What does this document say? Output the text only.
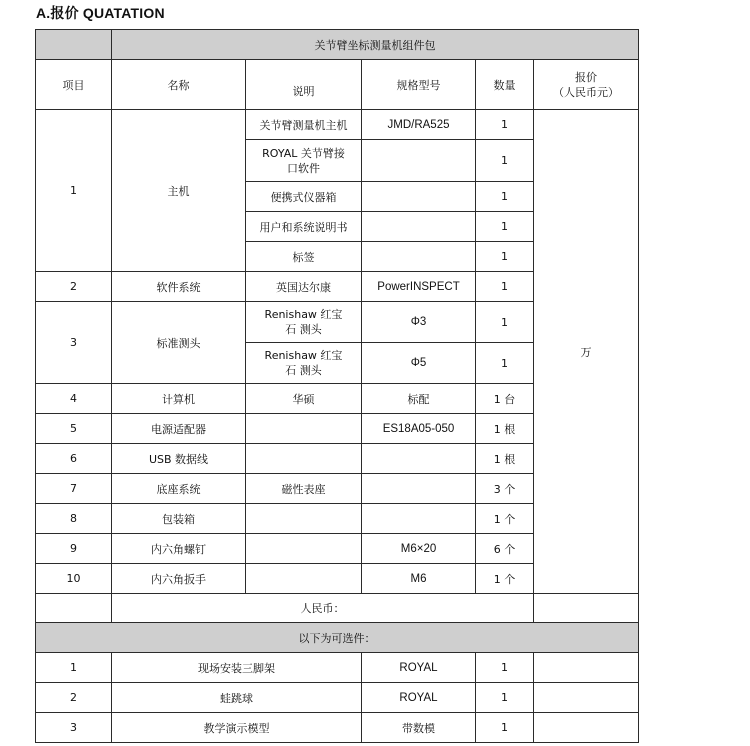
A.报价 QUATATION
	关节臂坐标测量机组件包				
项目	名称	说明	规格型号	数量	报价
（人民币元）

1	主机	关节臂测量机主机	JMD/RA525	1	万

		ROYAL 关节臂接
口软件		1	
		便携式仪器箱		1	
		用户和系统说明书		1	
		标签		1	
2	软件系统	英国达尔康	PowerINSPECT	1	
3	标准测头	Renishaw 红宝
石 测头	Φ3	1	

		Renishaw 红宝
石 测头	Φ5	1	
4	计算机	华硕	标配	1 台	
5	电源适配器		ES18A05-050	1 根	
6	USB 数据线			1 根	
7	底座系统	磁性表座		3 个	
8	包装箱			1 个	
9	内六角螺钉		M6×20	6 个	
10	内六角扳手		M6	1 个	
	人民币：				
以下为可选件：					
1	现场安装三脚架		ROYAL	1	
2	蛙跳球		ROYAL	1	
3	教学演示模型		带数模	1	
